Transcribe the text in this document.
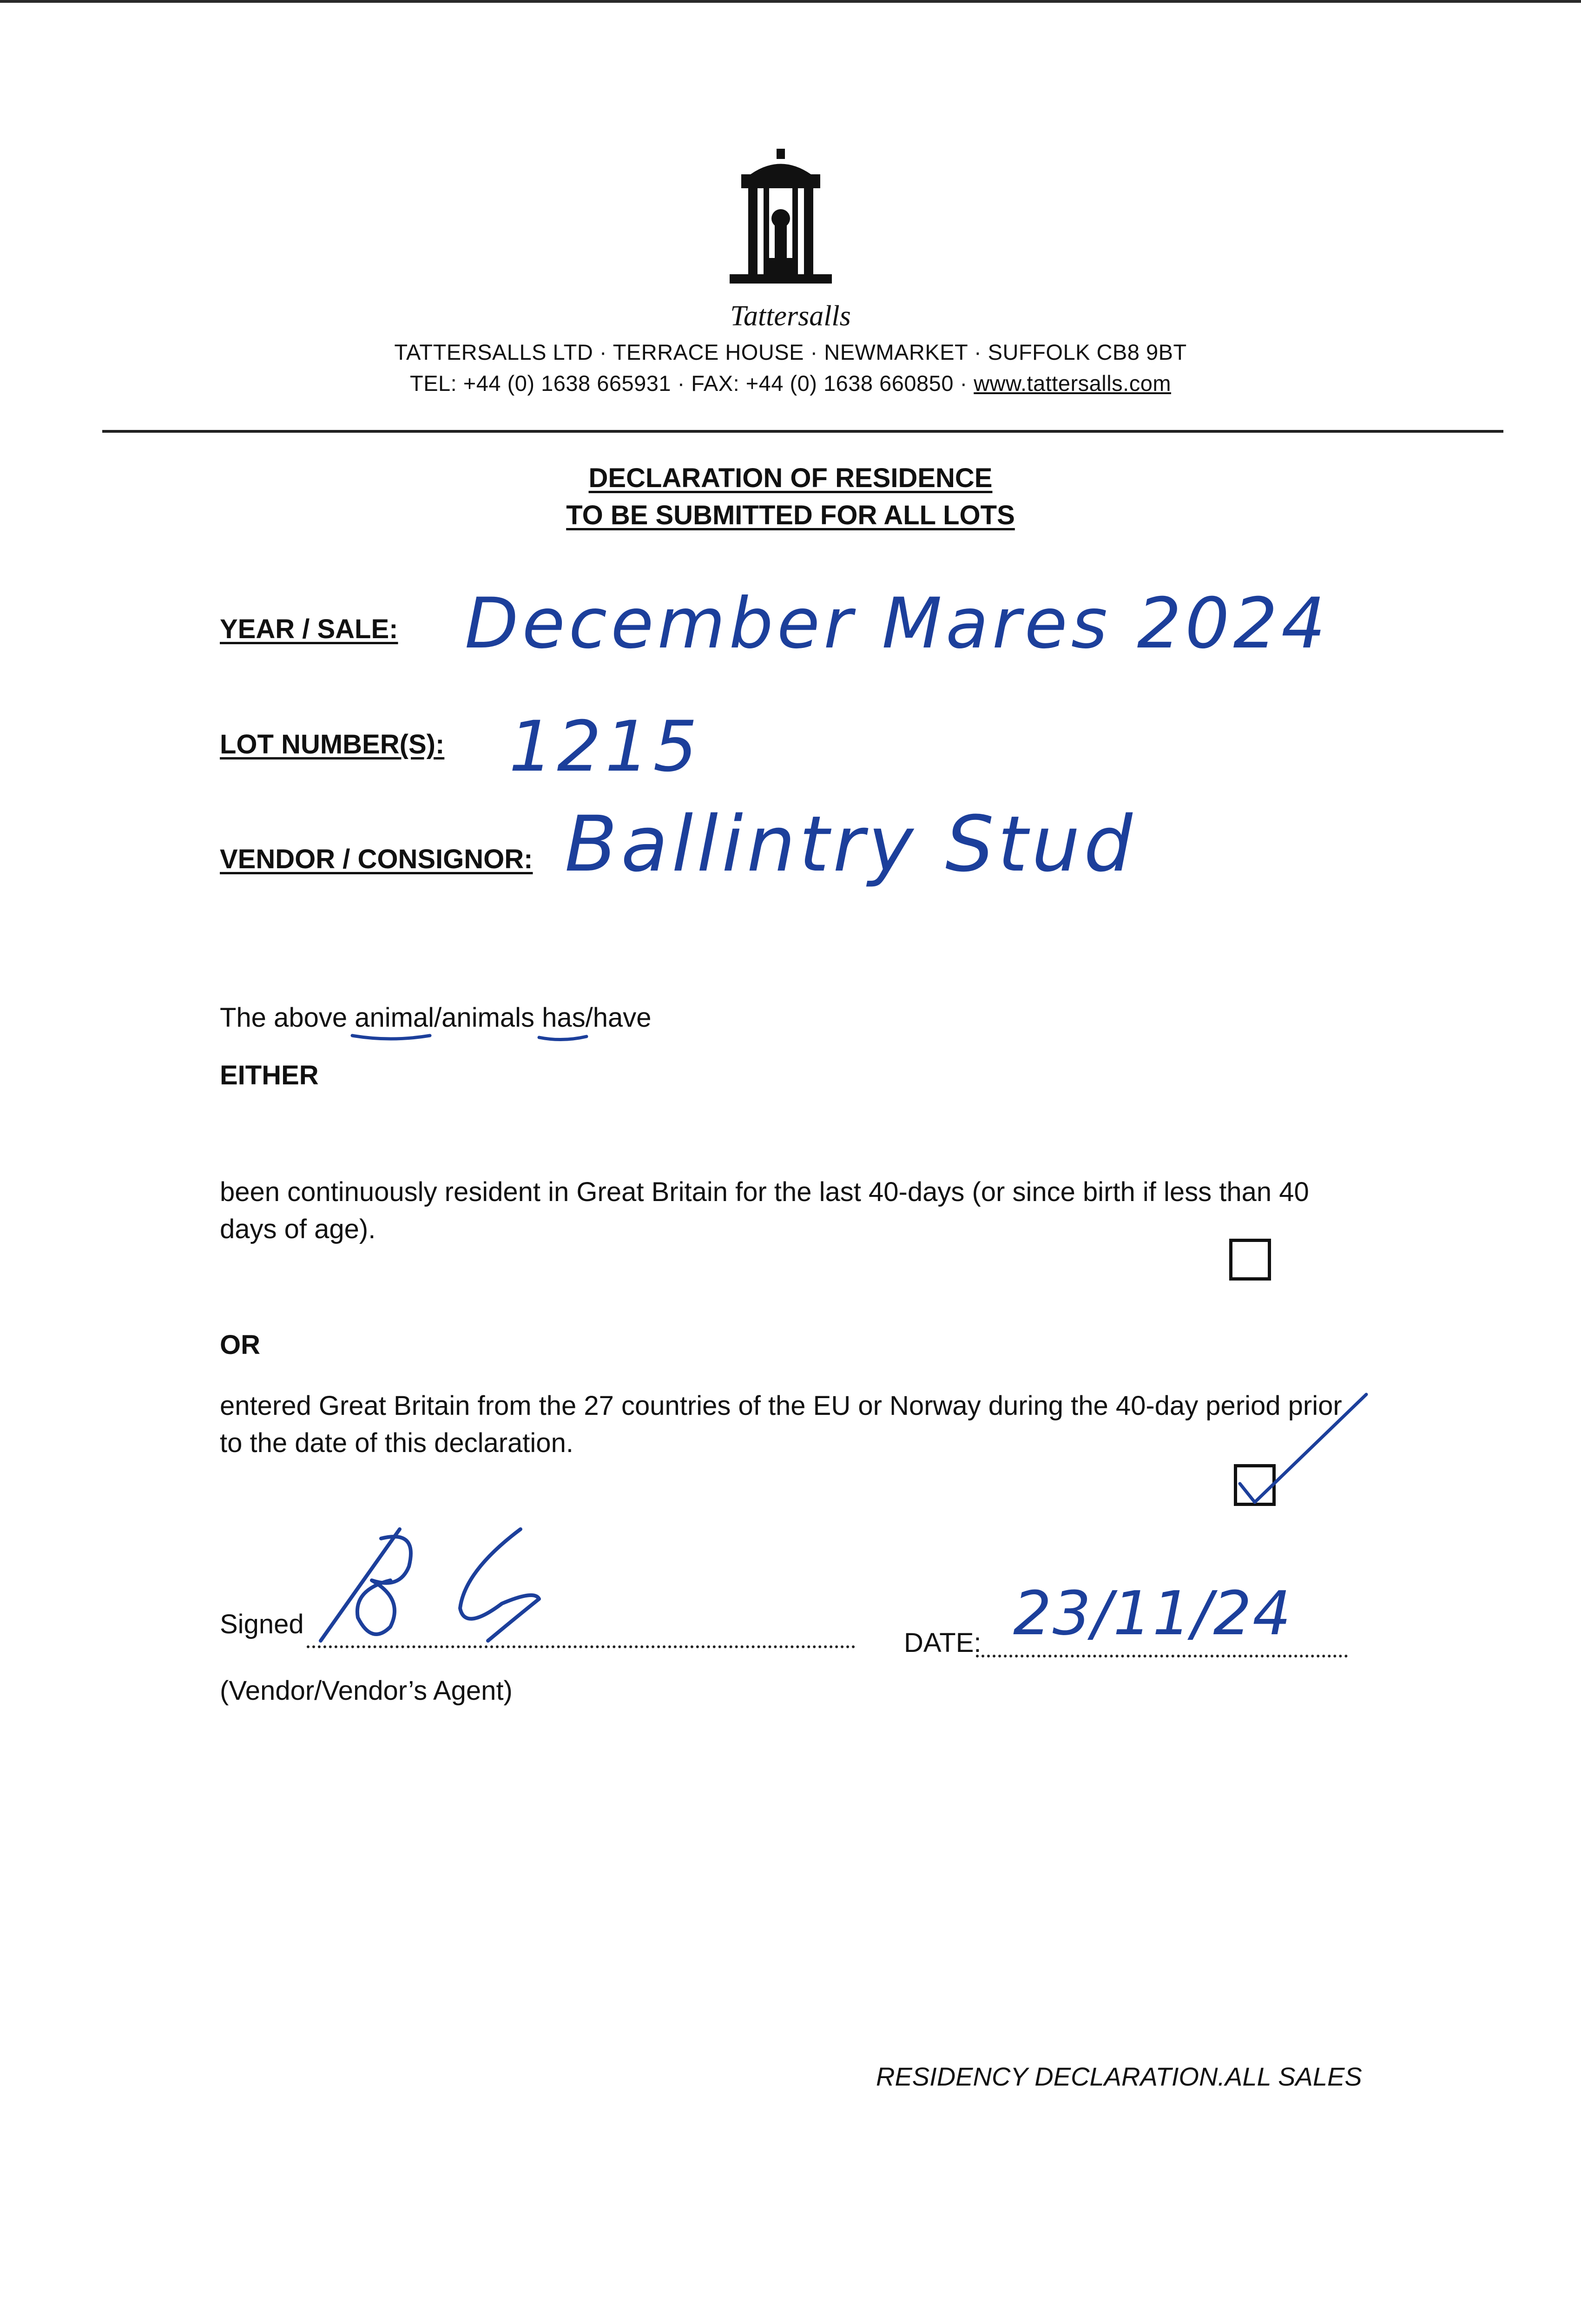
Tattersalls
TATTERSALLS LTD · TERRACE HOUSE · NEWMARKET · SUFFOLK CB8 9BT
TEL: +44 (0) 1638 665931 · FAX: +44 (0) 1638 660850 · www.tattersalls.com
DECLARATION OF RESIDENCE
TO BE SUBMITTED FOR ALL LOTS
YEAR / SALE: December Mares 2024
LOT NUMBER(S): 1215
VENDOR / CONSIGNOR: Ballintry Stud
The above animal/animals has/have
EITHER
been continuously resident in Great Britain for the last 40-days (or since birth if less than 40 days of age).
OR
entered Great Britain from the 27 countries of the EU or Norway during the 40-day period prior to the date of this declaration.
Signed
(Vendor/Vendor’s Agent)
DATE: 23/11/24
RESIDENCY DECLARATION.ALL SALES
